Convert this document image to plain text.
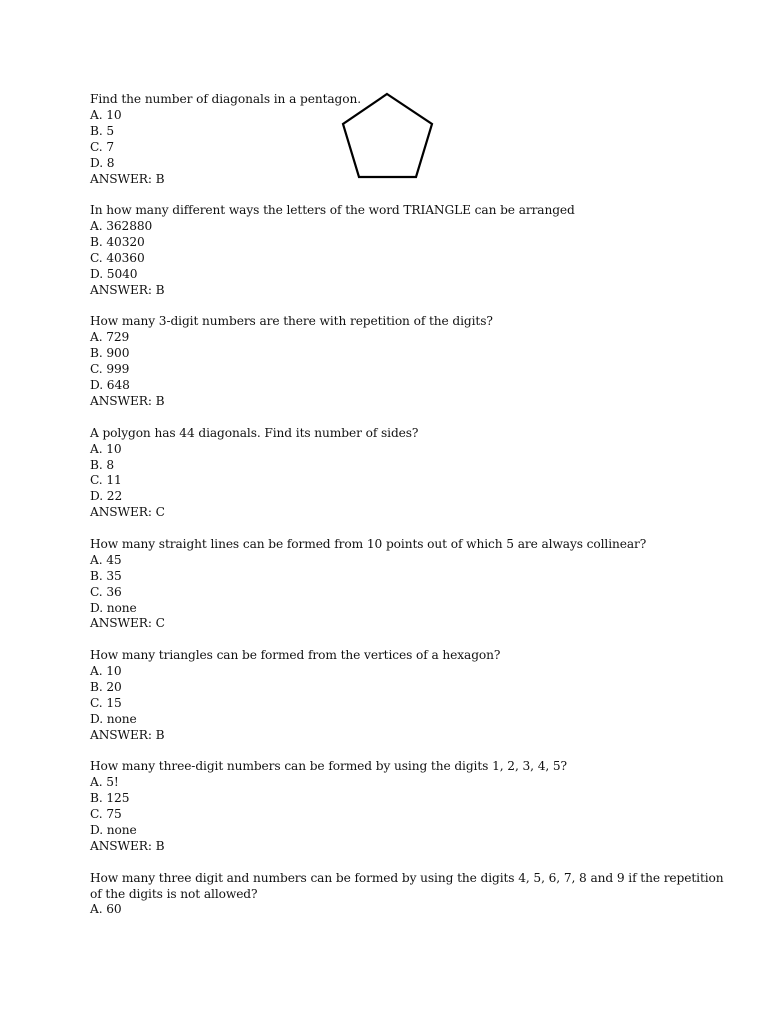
Find the number of diagonals in a pentagon.
A. 10
B. 5
C. 7
D. 8
ANSWER: B
In how many different ways the letters of the word TRIANGLE can be arranged
A. 362880
B. 40320
C. 40360
D. 5040
ANSWER: B
How many 3-digit numbers are there with repetition of the digits?
A. 729
B. 900
C. 999
D. 648
ANSWER: B
A polygon has 44 diagonals. Find its number of sides?
A. 10
B. 8
C. 11
D. 22
ANSWER: C
How many straight lines can be formed from 10 points out of which 5 are always collinear?
A. 45
B. 35
C. 36
D. none
ANSWER: C
How many triangles can be formed from the vertices of a hexagon?
A. 10
B. 20
C. 15
D. none
ANSWER: B
How many three-digit numbers can be formed by using the digits 1, 2, 3, 4, 5?
A. 5!
B. 125
C. 75
D. none
ANSWER: B
How many three digit and numbers can be formed by using the digits 4, 5, 6, 7, 8 and 9 if the repetition
of the digits is not allowed?
A. 60
